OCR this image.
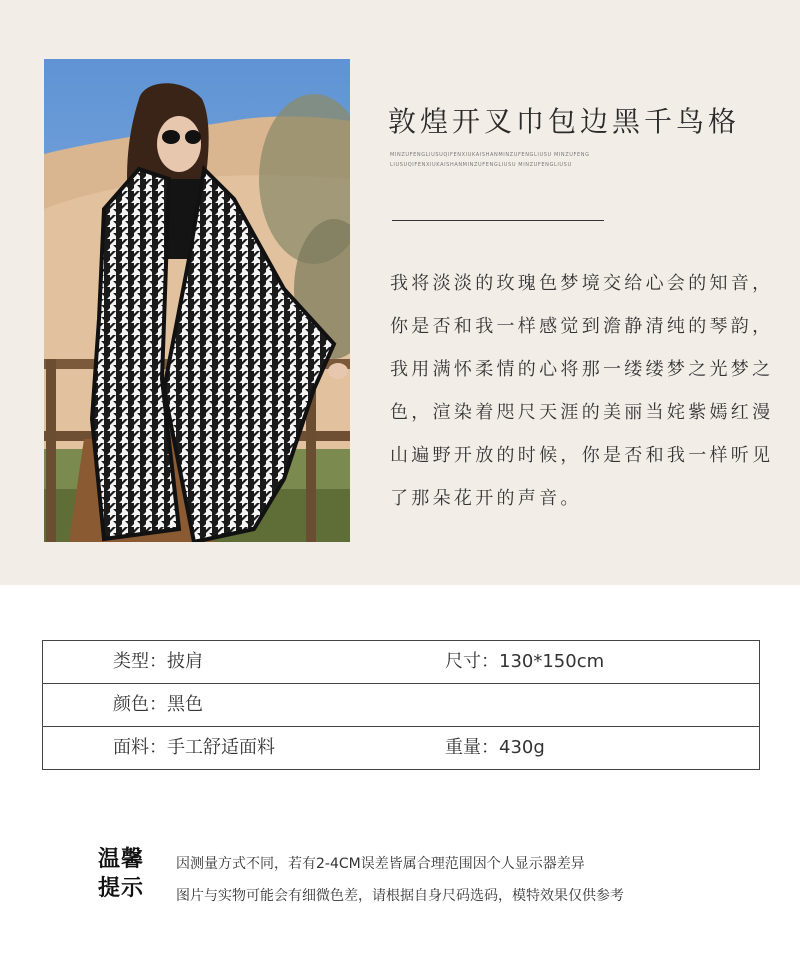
敦煌开叉巾包边黑千鸟格
MINZUFENGLIUSUQIFENXIUKAISHANMINZUFENGLIUSU MINZUFENGLIUSUQIFENXIUKAISHANMINZUFENGLIUSU MINZUFENGLIUSU
我将淡淡的玫瑰色梦境交给心会的知音，
你是否和我一样感觉到澹静清纯的琴韵，
我用满怀柔情的心将那一缕缕梦之光梦之
色，渲染着咫尺天涯的美丽当姹紫嫣红漫
山遍野开放的时候，你是否和我一样听见
了那朵花开的声音。
类型：披肩	尺寸：130*150cm
颜色：黑色
面料：手工舒适面料	重量：430g
温馨
提示
因测量方式不同，若有2-4CM误差皆属合理范围因个人显示器差异
图片与实物可能会有细微色差，请根据自身尺码选码，模特效果仅供参考
